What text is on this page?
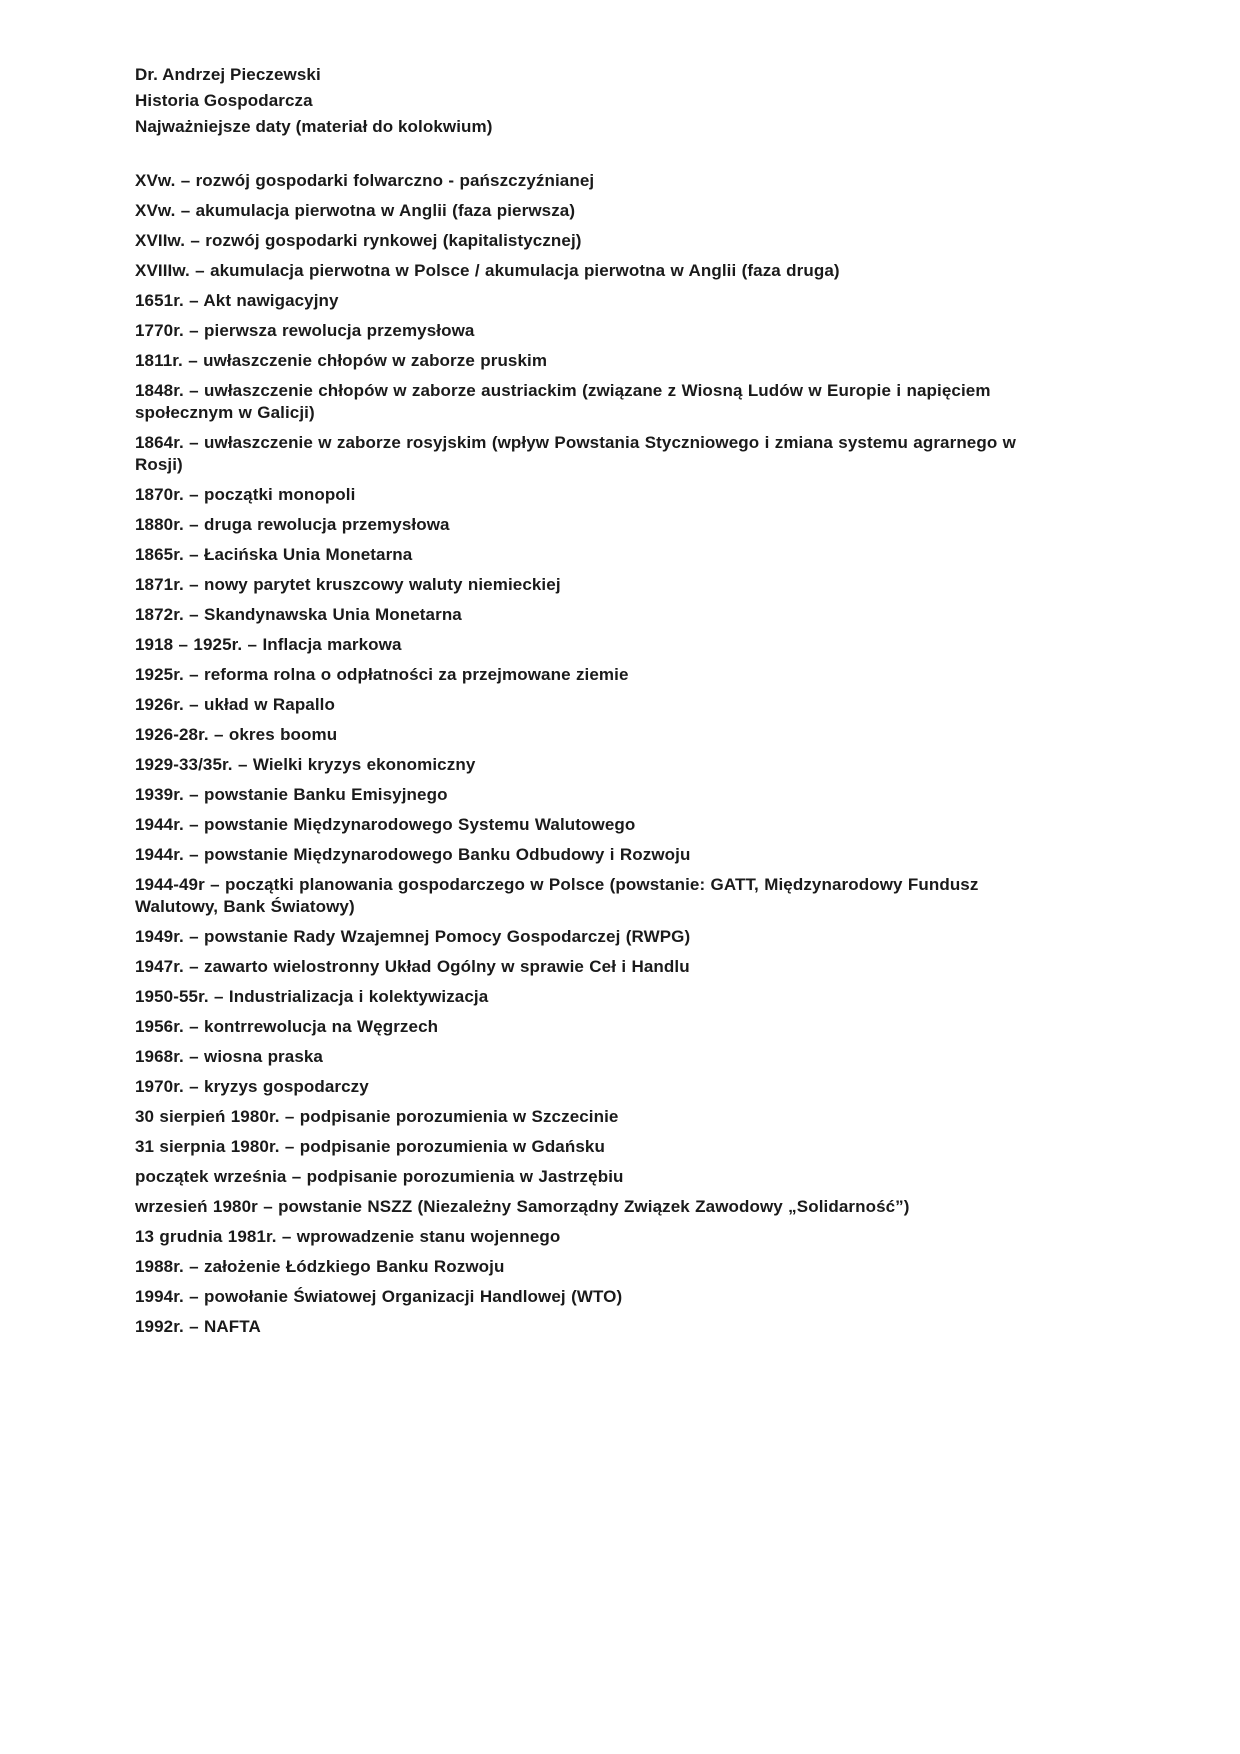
Dr. Andrzej Pieczewski

Historia Gospodarcza

Najważniejsze daty (materiał do kolokwium)

XVw. – rozwój gospodarki folwarczno - pańszczyźnianej

XVw. – akumulacja pierwotna w Anglii (faza pierwsza)

XVIIw. – rozwój gospodarki rynkowej (kapitalistycznej)

XVIIIw. – akumulacja pierwotna w Polsce / akumulacja pierwotna w Anglii (faza druga)

1651r. – Akt nawigacyjny

1770r. – pierwsza rewolucja przemysłowa

1811r. – uwłaszczenie chłopów w zaborze pruskim

1848r. – uwłaszczenie chłopów w zaborze austriackim (związane z Wiosną Ludów w Europie i napięciem społecznym w Galicji)

1864r. – uwłaszczenie w zaborze rosyjskim (wpływ Powstania Styczniowego i zmiana systemu agrarnego w Rosji)

1870r. – początki monopoli

1880r. – druga rewolucja przemysłowa

1865r. – Łacińska Unia Monetarna

1871r. – nowy parytet kruszcowy waluty niemieckiej

1872r. – Skandynawska Unia Monetarna

1918 – 1925r. – Inflacja markowa

1925r. – reforma rolna o odpłatności za przejmowane ziemie

1926r. – układ w Rapallo

1926-28r. – okres boomu

1929-33/35r. – Wielki kryzys ekonomiczny

1939r. – powstanie Banku Emisyjnego

1944r. – powstanie Międzynarodowego Systemu Walutowego

1944r. – powstanie Międzynarodowego Banku Odbudowy i Rozwoju

1944-49r – początki planowania gospodarczego w Polsce (powstanie: GATT, Międzynarodowy Fundusz Walutowy, Bank Światowy)

1949r. – powstanie Rady Wzajemnej Pomocy Gospodarczej (RWPG)

1947r. – zawarto wielostronny Układ Ogólny w sprawie Ceł i Handlu

1950-55r. – Industrializacja i kolektywizacja

1956r. – kontrrewolucja na Węgrzech

1968r. – wiosna praska

1970r. – kryzys gospodarczy

30 sierpień 1980r. – podpisanie porozumienia w Szczecinie

31 sierpnia 1980r. – podpisanie porozumienia w Gdańsku

początek września – podpisanie porozumienia w Jastrzębiu

wrzesień 1980r – powstanie NSZZ (Niezależny Samorządny Związek Zawodowy „Solidarność”)

13 grudnia 1981r. – wprowadzenie stanu wojennego

1988r. – założenie Łódzkiego Banku Rozwoju

1994r. – powołanie Światowej Organizacji Handlowej (WTO)

1992r. – NAFTA
